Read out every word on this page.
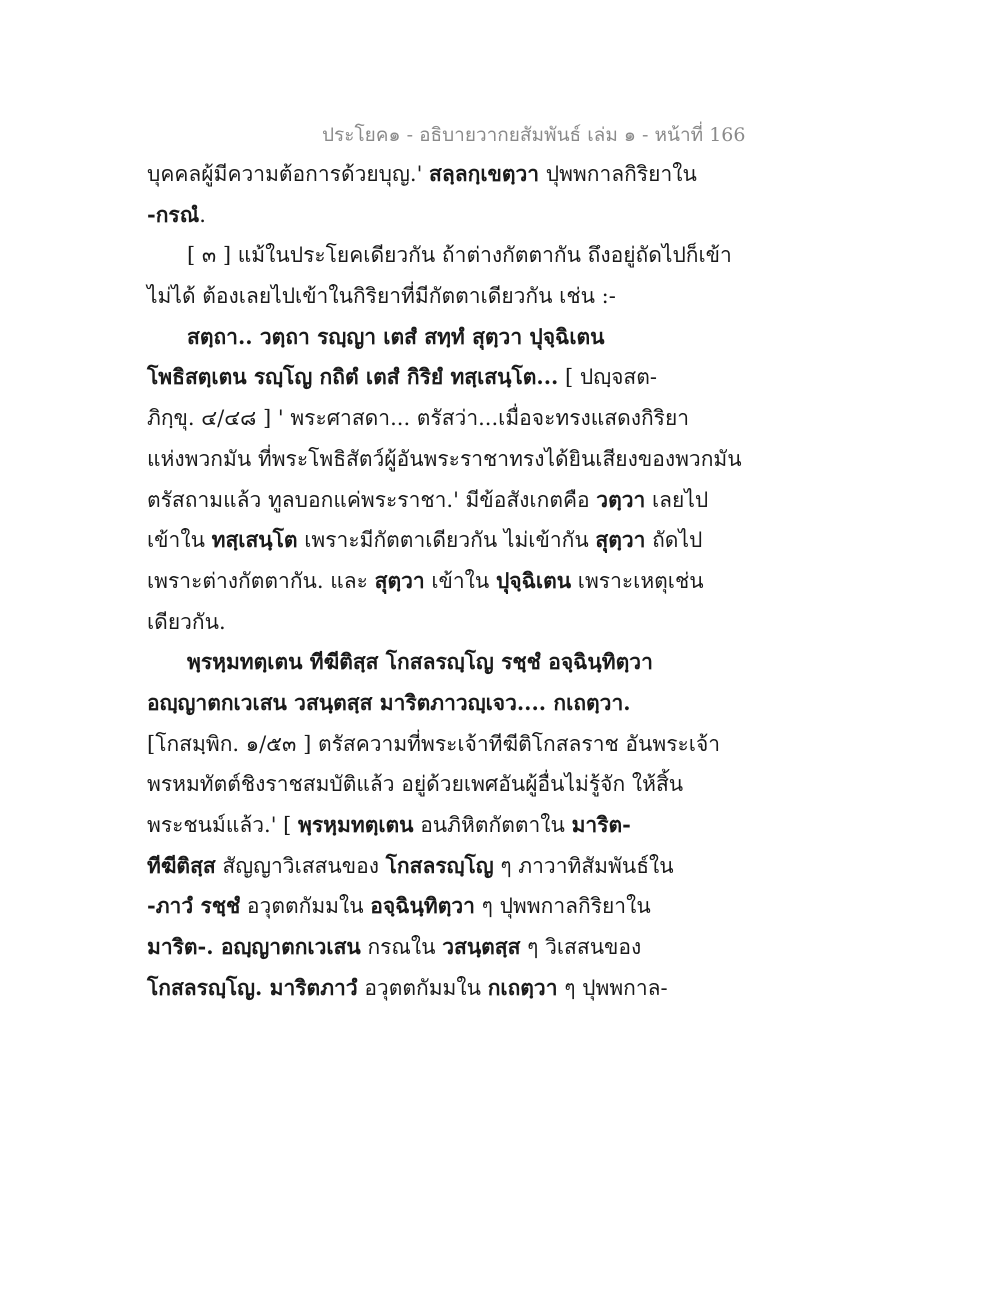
ประโยค๑ - อธิบายวากยสัมพันธ์ เล่ม ๑ - หน้าที่ 166
บุคคลผู้มีความต้อการด้วยบุญ.' สลฺลกฺเขตฺวา ปุพพกาลกิริยาใน
-กรณํ.
[ ๓ ] แม้ในประโยคเดียวกัน ถ้าต่างกัตตากัน ถึงอยู่ถัดไปก็เข้า
ไม่ได้ ต้องเลยไปเข้าในกิริยาที่มีกัตตาเดียวกัน เช่น :-
สตฺถา.. วตฺถา รญฺญา เตสํ สทฺทํ สุตฺวา ปุจฺฉิเตน
โพธิสตฺเตน รญฺโญ กถิตํ เตสํ กิริยํ ทสฺเสนฺโต... [ ปญฺจสต-
ภิกฺขุ. ๔/๔๘ ] ' พระศาสดา... ตรัสว่า...เมื่อจะทรงแสดงกิริยา
แห่งพวกมัน ที่พระโพธิสัตว์ผู้อันพระราชาทรงได้ยินเสียงของพวกมัน
ตรัสถามแล้ว ทูลบอกแค่พระราชา.' มีข้อสังเกตคือ วตฺวา เลยไป
เข้าใน ทสฺเสนฺโต เพราะมีกัตตาเดียวกัน ไม่เข้ากัน สุตฺวา ถัดไป
เพราะต่างกัตตากัน. และ สุตฺวา เข้าใน ปุจฺฉิเตน เพราะเหตุเช่น
เดียวกัน.
พฺรหฺมทตฺเตน ทีฆีติสฺส โกสลรญฺโญ รชฺชํ อจฺฉินฺทิตฺวา
อญฺญาตกเวเสน วสนฺตสฺส มาริตภาวญฺเจว.... กเถตฺวา.
[โกสมฺพิก. ๑/๕๓ ] ตรัสความที่พระเจ้าทีฆีติโกสลราช อันพระเจ้า
พรหมทัตต์ชิงราชสมบัติแล้ว อยู่ด้วยเพศอันผู้อื่นไม่รู้จัก ให้สิ้น
พระชนม์แล้ว.' [ พฺรหฺมทตฺเตน อนภิหิตกัตตาใน มาริต-
ทีฆีติสฺส สัญญาวิเสสนของ โกสลรญฺโญ ๆ ภาวาทิสัมพันธ์ใน
-ภาวํ รชฺชํ อวุตตกัมมใน อจฺฉินฺทิตฺวา ๆ ปุพพกาลกิริยาใน
มาริต-. อญฺญาตกเวเสน กรณใน วสนฺตสฺส ๆ วิเสสนของ
โกสลรญฺโญ. มาริตภาวํ อวุตตกัมมใน กเถตฺวา ๆ ปุพพกาล-
